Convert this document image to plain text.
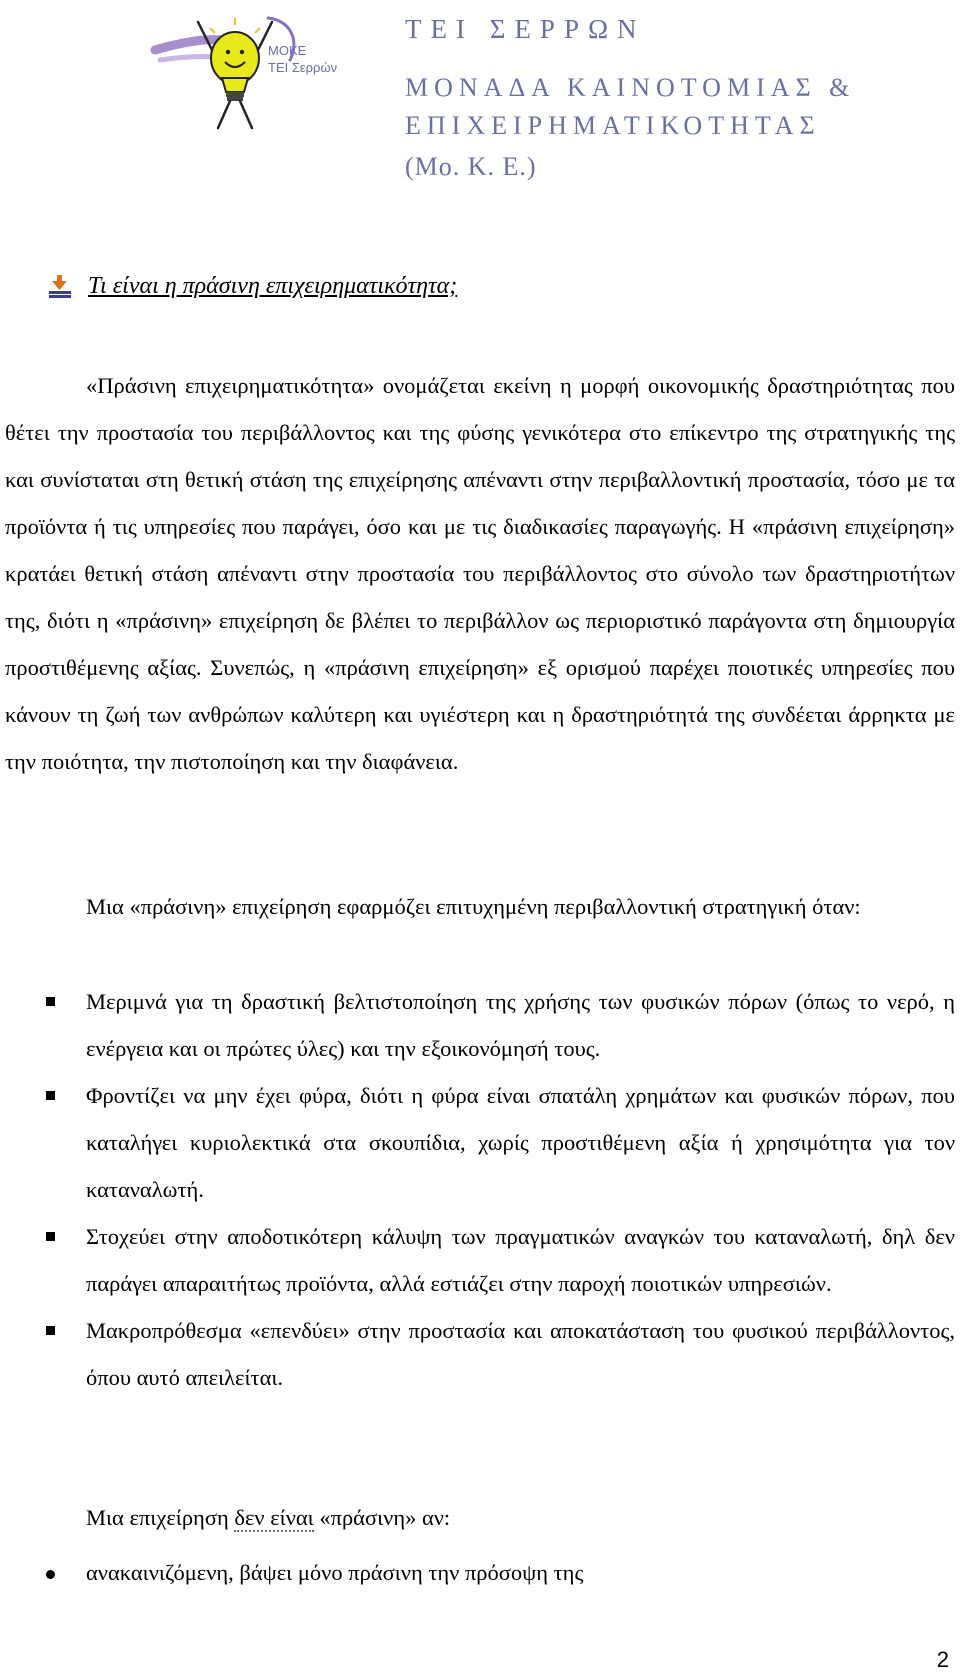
ΜΟΚΕ
ΤΕΙ Σερρών
ΤΕΙ ΣΕΡΡΩΝ
ΜΟΝΑΔΑ ΚΑΙΝΟΤΟΜΙΑΣ &
ΕΠΙΧΕΙΡΗΜΑΤΙΚΟΤΗΤΑΣ
(Μο. Κ. Ε.)
Τι είναι η πράσινη επιχειρηματικότητα;
«Πράσινη επιχειρηματικότητα» ονομάζεται εκείνη η μορφή οικονομικής δραστηριότητας που θέτει την προστασία του περιβάλλοντος και της φύσης γενικότερα στο επίκεντρο της στρατηγικής της και συνίσταται στη θετική στάση της επιχείρησης απέναντι στην περιβαλλοντική προστασία, τόσο με τα προϊόντα ή τις υπηρεσίες που παράγει, όσο και με τις διαδικασίες παραγωγής. Η «πράσινη επιχείρηση» κρατάει θετική στάση απέναντι στην προστασία του περιβάλλοντος στο σύνολο των δραστηριοτήτων της, διότι η «πράσινη» επιχείρηση δε βλέπει το περιβάλλον ως περιοριστικό παράγοντα στη δημιουργία προστιθέμενης αξίας. Συνεπώς, η «πράσινη επιχείρηση» εξ ορισμού παρέχει ποιοτικές υπηρεσίες που κάνουν τη ζωή των ανθρώπων καλύτερη και υγιέστερη και η δραστηριότητά της συνδέεται άρρηκτα με την ποιότητα, την πιστοποίηση και την διαφάνεια.
Μια «πράσινη» επιχείρηση εφαρμόζει επιτυχημένη περιβαλλοντική στρατηγική όταν:
Μεριμνά για τη δραστική βελτιστοποίηση της χρήσης των φυσικών πόρων (όπως το νερό, η ενέργεια και οι πρώτες ύλες) και την εξοικονόμησή τους.
Φροντίζει να μην έχει φύρα, διότι η φύρα είναι σπατάλη χρημάτων και φυσικών πόρων, που καταλήγει κυριολεκτικά στα σκουπίδια, χωρίς προστιθέμενη αξία ή χρησιμότητα για τον καταναλωτή.
Στοχεύει στην αποδοτικότερη κάλυψη των πραγματικών αναγκών του καταναλωτή, δηλ δεν παράγει απαραιτήτως προϊόντα, αλλά εστιάζει στην παροχή ποιοτικών υπηρεσιών.
Μακροπρόθεσμα «επενδύει» στην προστασία και αποκατάσταση του φυσικού περιβάλλοντος, όπου αυτό απειλείται.
Μια επιχείρηση δεν είναι «πράσινη» αν:
ανακαινιζόμενη, βάψει μόνο πράσινη την πρόσοψη της
2
